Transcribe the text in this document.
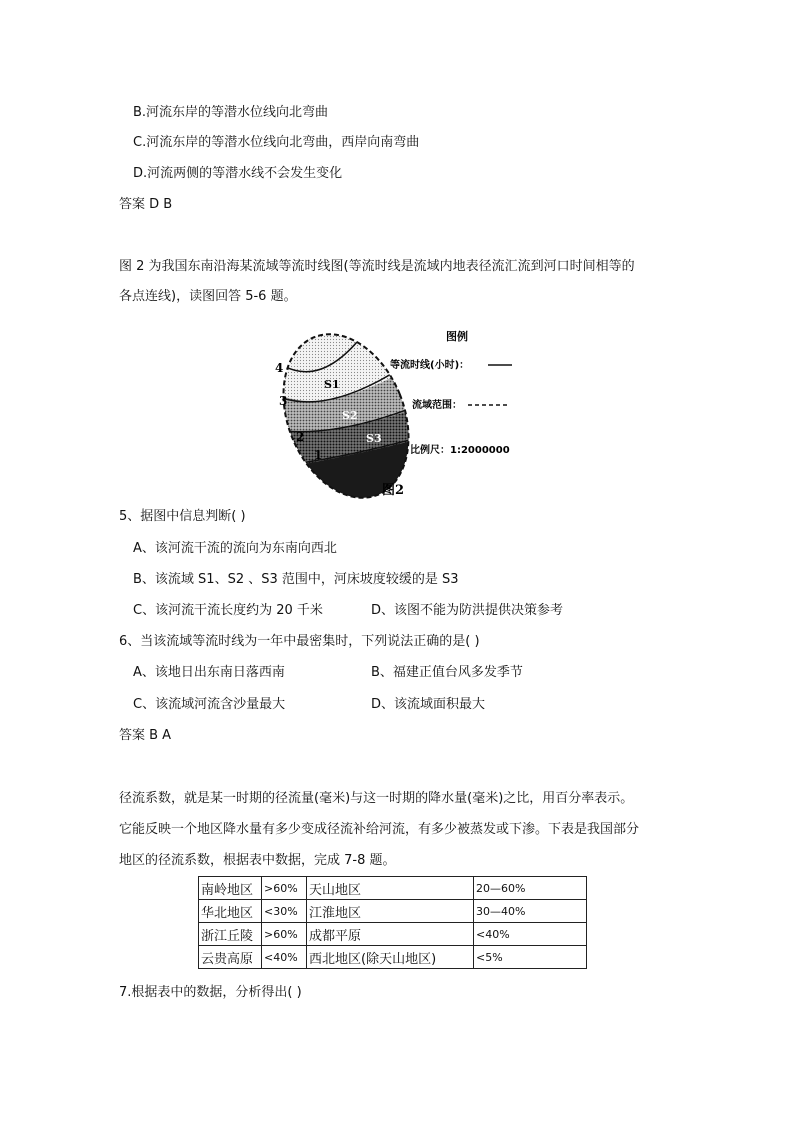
B.河流东岸的等潜水位线向北弯曲
C.河流东岸的等潜水位线向北弯曲，西岸向南弯曲
D.河流两侧的等潜水线不会发生变化
答案 D B
图 2 为我国东南沿海某流域等流时线图(等流时线是流域内地表径流汇流到河口时间相等的
各点连线)，读图回答 5-6 题。
4
3
2
1
S1
S2
S3
图例
等流时线(小时)：
流域范围：
比例尺：1:2000000
图2
5、据图中信息判断( )
A、该河流干流的流向为东南向西北
B、该流域 S1、S2 、S3 范围中，河床坡度较缓的是 S3
C、该河流干流长度约为 20 千米	D、该图不能为防洪提供决策参考
6、当该流域等流时线为一年中最密集时，下列说法正确的是( )
A、该地日出东南日落西南	B、福建正值台风多发季节
C、该流域河流含沙量最大	D、该流域面积最大
答案 B A
径流系数，就是某一时期的径流量(毫米)与这一时期的降水量(毫米)之比，用百分率表示。
它能反映一个地区降水量有多少变成径流补给河流，有多少被蒸发或下渗。下表是我国部分
地区的径流系数，根据表中数据，完成 7-8 题。
南岭地区	>60%	天山地区	20—60%
华北地区	<30%	江淮地区	30—40%
浙江丘陵	>60%	成都平原	<40%
云贵高原	<40%	西北地区(除天山地区)	<5%
7.根据表中的数据，分析得出( )
